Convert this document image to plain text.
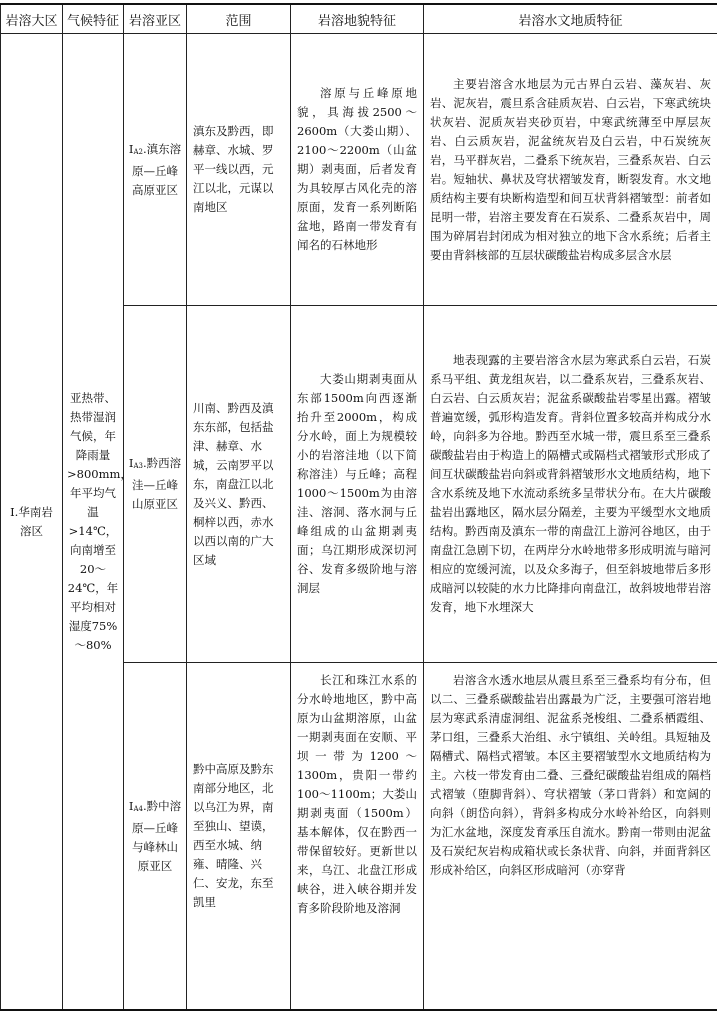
岩溶大区	气候特征	岩溶亚区	范围	岩溶地貌特征	岩溶水文地质特征

Ⅰ.华南岩溶区	亚热带、热带湿润气候，年降雨量>800mm，年平均气温>14℃，向南增至20～24℃，年平均相对湿度75%～80%	ⅠA2.滇东溶原—丘峰高原亚区	滇东及黔西，即赫章、水城、罗平一线以西，元江以北，元谋以南地区	溶原与丘峰原地貌，具海拔2500～2600m（大娄山期）、2100～2200m（山盆期）剥夷面，后者发育为具较厚古风化壳的溶原面，发育一系列断陷盆地，路南一带发育有闻名的石林地形	主要岩溶含水地层为元古界白云岩、藻灰岩、灰岩、泥灰岩，震旦系含硅质灰岩、白云岩，下寒武统块状灰岩、泥质灰岩夹砂页岩，中寒武统薄至中厚层灰岩、白云质灰岩，泥盆统灰岩及白云岩，中石炭统灰岩，马平群灰岩，二叠系下统灰岩，三叠系灰岩、白云岩。短轴状、鼻状及穹状褶皱发育，断裂发育。水文地质结构主要有块断构造型和间互状背斜褶皱型：前者如昆明一带，岩溶主要发育在石炭系、二叠系灰岩中，周围为碎屑岩封闭成为相对独立的地下含水系统；后者主要由背斜核部的互层状碳酸盐岩构成多层含水层

		ⅠA3.黔西溶洼—丘峰山原亚区	川南、黔西及滇东东部，包括盐津、赫章、水城，云南罗平以东，南盘江以北及兴义、黔西、桐梓以西，赤水以西以南的广大区域	大娄山期剥夷面从东部1500m向西逐渐抬升至2000m，构成分水岭，面上为规模较小的岩溶洼地（以下简称溶洼）与丘峰；高程1000～1500m为由溶洼、溶洞、落水洞与丘峰组成的山盆期剥夷面；乌江期形成深切河谷、发育多级阶地与溶洞层	地表现露的主要岩溶含水层为寒武系白云岩，石炭系马平组、黄龙组灰岩，以二叠系灰岩，三叠系灰岩、白云岩、白云质灰岩；泥盆系碳酸盐岩零星出露。褶皱普遍宽缓，弧形构造发育。背斜位置多较高并构成分水岭，向斜多为谷地。黔西至水城一带，震旦系至三叠系碳酸盐岩由于构造上的隔槽式或隔档式褶皱形式形成了间互状碳酸盐岩向斜或背斜褶皱形水文地质结构，地下含水系统及地下水流动系统多呈带状分布。在大片碳酸盐岩出露地区，隔水层分隔差，主要为平缓型水文地质结构。黔西南及滇东一带的南盘江上游河谷地区，由于南盘江急剧下切，在两岸分水岭地带多形成明流与暗河相应的宽缓河流，以及众多海子，但至斜坡地带后多形成暗河以较陡的水力比降排向南盘江，故斜坡地带岩溶发育，地下水埋深大

		ⅠA4.黔中溶原—丘峰与峰林山原亚区	黔中高原及黔东南部分地区，北以乌江为界，南至独山、望谟，西至水城、纳雍、晴隆、兴仁、安龙，东至凯里	长江和珠江水系的分水岭地地区，黔中高原为山盆期溶原，山盆一期剥夷面在安顺、平坝一带为1200～1300m，贵阳一带约100～1100m；大娄山期剥夷面（1500m）基本解体，仅在黔西一带保留较好。更新世以来，乌江、北盘江形成峡谷，进入峡谷期并发育多阶段阶地及溶洞	岩溶含水透水地层从震旦系至三叠系均有分布，但以二、三叠系碳酸盐岩出露最为广泛，主要强可溶岩地层为寒武系清虚洞组、泥盆系尧梭组、二叠系栖霞组、茅口组，三叠系大治组、永宁镇组、关岭组。具短轴及隔槽式、隔档式褶皱。本区主要褶皱型水文地质结构为主。六枝一带发育由二叠、三叠纪碳酸盐岩组成的隔档式褶皱（堕脚背斜）、穹状褶皱（茅口背斜）和宽阔的向斜（朗岱向斜），背斜多构成分水岭补给区，向斜则为汇水盆地，深度发育承压自流水。黔南一带则由泥盆及石炭纪灰岩构成箱状或长条状背、向斜，并面背斜区形成补给区，向斜区形成暗河（亦穿背
